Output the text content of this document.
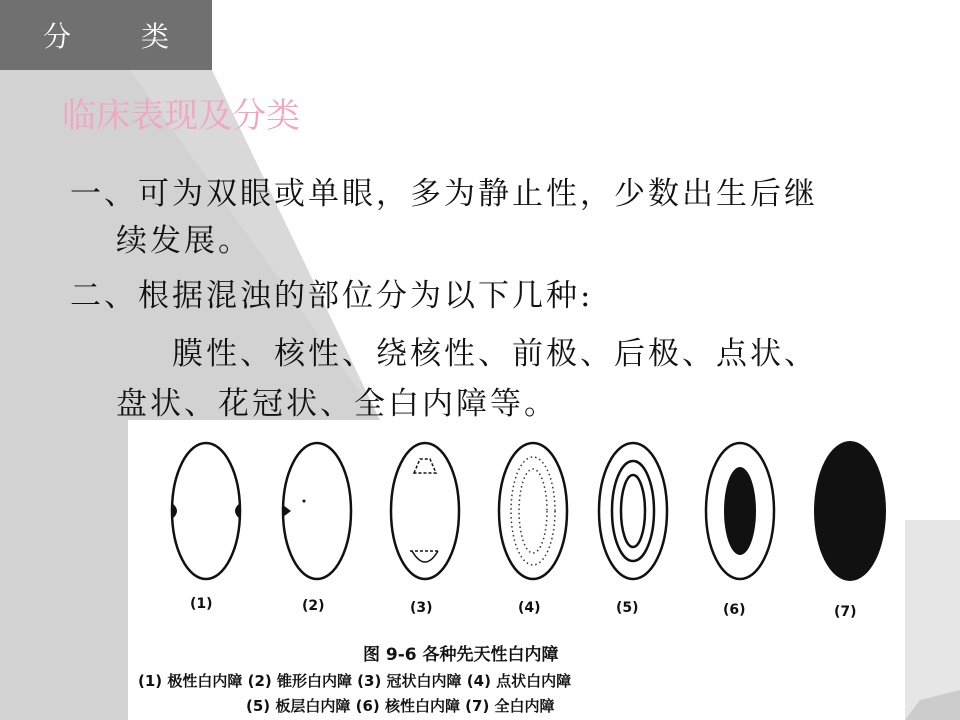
分	类
临床表现及分类
一、可为双眼或单眼，多为静止性，少数出生后继
续发展。
二、根据混浊的部位分为以下几种:
膜性、核性、绕核性、前极、后极、点状、
盘状、花冠状、全白内障等。
(1)	(2)	(3)	(4)	(5)	(6)	(7)
图 9-6 各种先天性白内障
(1) 极性白内障 (2) 锥形白内障 (3) 冠状白内障 (4) 点状白内障
(5) 板层白内障 (6) 核性白内障 (7) 全白内障
